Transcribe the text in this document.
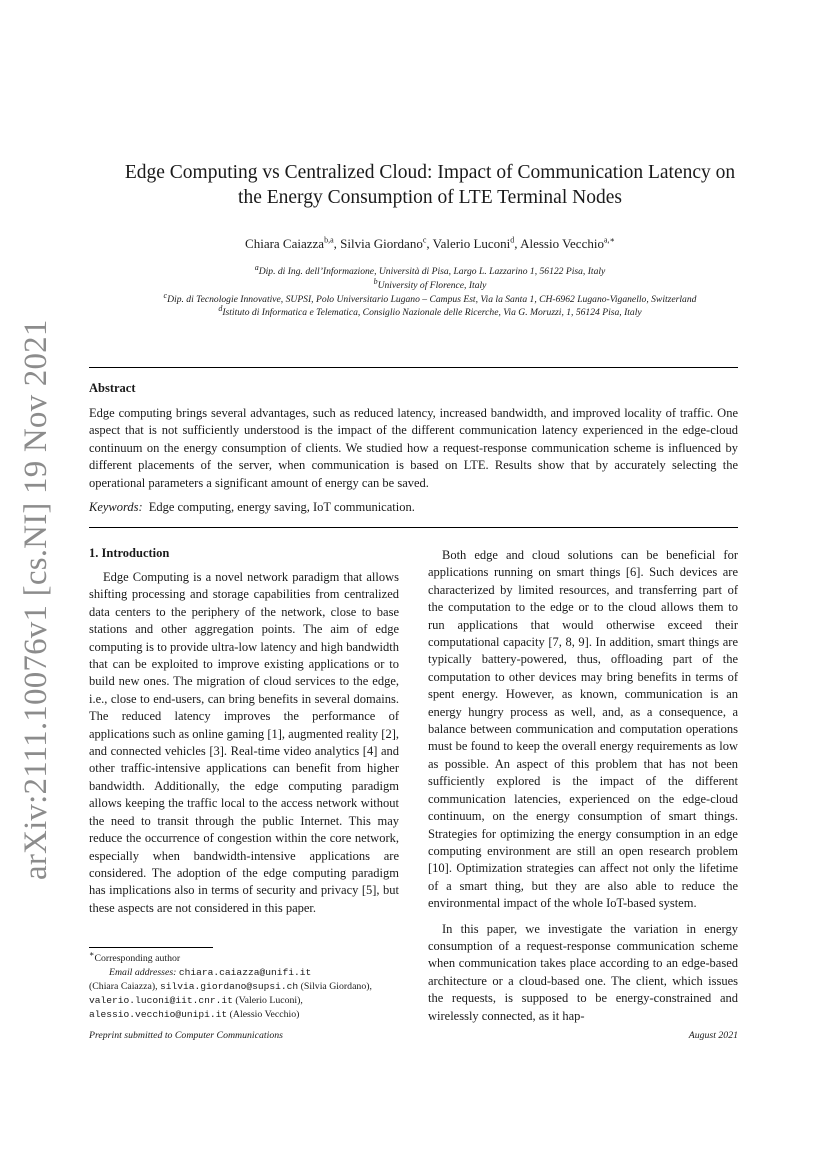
arXiv:2111.10076v1 [cs.NI] 19 Nov 2021
Edge Computing vs Centralized Cloud: Impact of Communication Latency on
the Energy Consumption of LTE Terminal Nodes
Chiara Caiazza$^{b,a}$, Silvia Giordano$^c$, Valerio Luconi$^d$, Alessio Vecchio$^{a,∗}$
$^a$Dip. di Ing. dell’Informazione, Università di Pisa, Largo L. Lazzarino 1, 56122 Pisa, Italy
$^b$University of Florence, Italy
$^c$Dip. di Tecnologie Innovative, SUPSI, Polo Universitario Lugano – Campus Est, Via la Santa 1, CH-6962 Lugano-Viganello, Switzerland
$^d$Istituto di Informatica e Telematica, Consiglio Nazionale delle Ricerche, Via G. Moruzzi, 1, 56124 Pisa, Italy
Abstract
Edge computing brings several advantages, such as reduced latency, increased bandwidth, and improved locality of traffic. One aspect that is not sufficiently understood is the impact of the different communication latency experienced in the edge-cloud continuum on the energy consumption of clients. We studied how a request-response communication scheme is influenced by different placements of the server, when communication is based on LTE. Results show that by accurately selecting the operational parameters a significant amount of energy can be saved.
Keywords: Edge computing, energy saving, IoT communication.
1. Introduction

Edge Computing is a novel network paradigm that allows shifting processing and storage capabilities from centralized data centers to the periphery of the network, close to base stations and other aggregation points. The aim of edge computing is to provide ultra-low latency and high bandwidth that can be exploited to improve existing applications or to build new ones. The migration of cloud services to the edge, i.e., close to end-users, can bring benefits in several domains. The reduced latency improves the performance of applications such as online gaming [1], augmented reality [2], and connected vehicles [3]. Real-time video analytics [4] and other traffic-intensive applications can benefit from higher bandwidth. Additionally, the edge computing paradigm allows keeping the traffic local to the access network without the need to transit through the public Internet. This may reduce the occurrence of congestion within the core network, especially when bandwidth-intensive applications are considered. The adoption of the edge computing paradigm has implications also in terms of security and privacy [5], but these aspects are not considered in this paper.

Both edge and cloud solutions can be beneficial for applications running on smart things [6]. Such devices are characterized by limited resources, and transferring part of the computation to the edge or to the cloud allows them to run applications that would otherwise exceed their computational capacity [7, 8, 9]. In addition, smart things are typically battery-powered, thus, offloading part of the computation to other devices may bring benefits in terms of spent energy. However, as known, communication is an energy hungry process as well, and, as a consequence, a balance between communication and computation operations must be found to keep the overall energy requirements as low as possible. An aspect of this problem that has not been sufficiently explored is the impact of the different communication latencies, experienced on the edge-cloud continuum, on the energy consumption of smart things. Strategies for optimizing the energy consumption in an edge computing environment are still an open research problem [10]. Optimization strategies can affect not only the lifetime of a smart thing, but they are also able to reduce the environmental impact of the whole IoT-based system.

In this paper, we investigate the variation in energy consumption of a request-response communication scheme when communication takes place according to an edge-based architecture or a cloud-based one. The client, which issues the requests, is supposed to be energy-constrained and wirelessly connected, as it hap-

∗Corresponding author
Email addresses: chiara.caiazza@unifi.it
(Chiara Caiazza), silvia.giordano@supsi.ch (Silvia Giordano),
valerio.luconi@iit.cnr.it (Valerio Luconi),
alessio.vecchio@unipi.it (Alessio Vecchio)
Preprint submitted to Computer Communications	August 2021
